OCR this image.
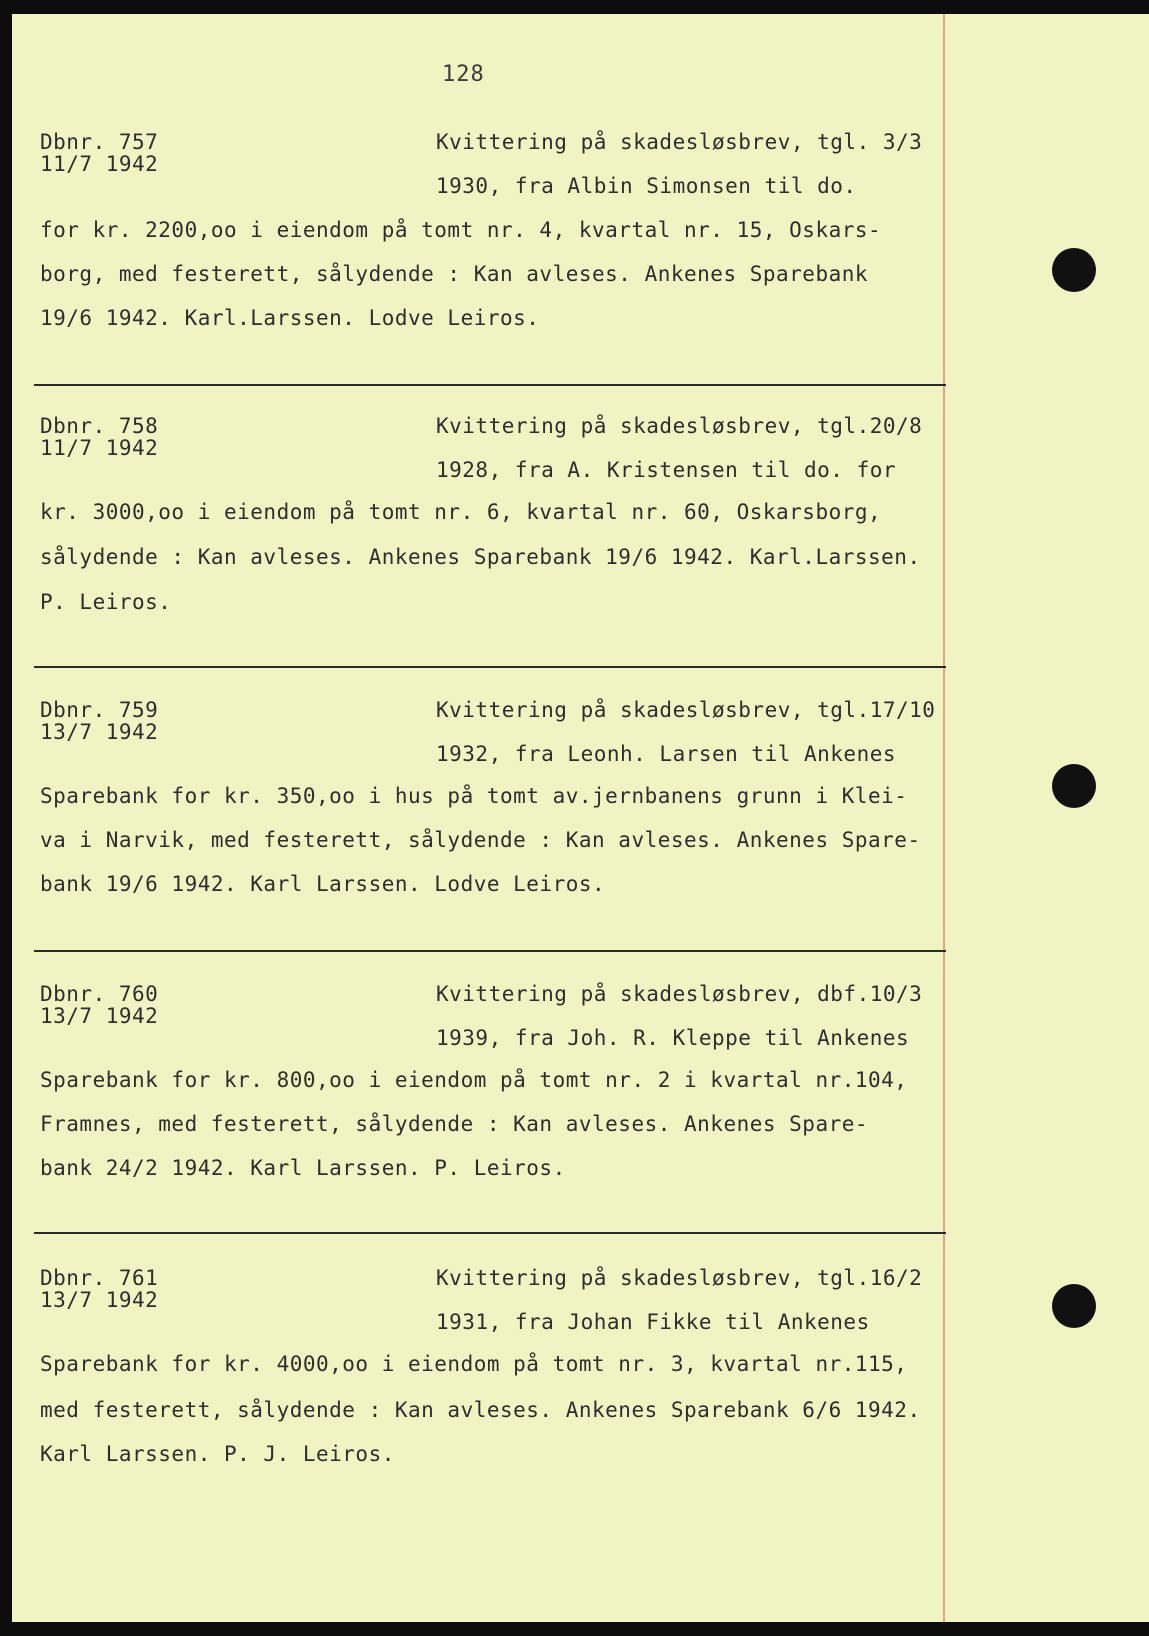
128
Dbnr. 757
11/7 1942
Kvittering på skadesløsbrev, tgl. 3/3
1930, fra Albin Simonsen til do.
for kr. 2200,oo i eiendom på tomt nr. 4, kvartal nr. 15, Oskars-
borg, med festerett, sålydende : Kan avleses. Ankenes Sparebank
19/6 1942. Karl.Larssen. Lodve Leiros.
Dbnr. 758
11/7 1942
Kvittering på skadesløsbrev, tgl.20/8
1928, fra A. Kristensen til do. for
kr. 3000,oo i eiendom på tomt nr. 6, kvartal nr. 60, Oskarsborg,
sålydende : Kan avleses. Ankenes Sparebank 19/6 1942. Karl.Larssen.
P. Leiros.
Dbnr. 759
13/7 1942
Kvittering på skadesløsbrev, tgl.17/10
1932, fra Leonh. Larsen til Ankenes
Sparebank for kr. 350,oo i hus på tomt av.jernbanens grunn i Klei-
va i Narvik, med festerett, sålydende : Kan avleses. Ankenes Spare-
bank 19/6 1942. Karl Larssen. Lodve Leiros.
Dbnr. 760
13/7 1942
Kvittering på skadesløsbrev, dbf.10/3
1939, fra Joh. R. Kleppe til Ankenes
Sparebank for kr. 800,oo i eiendom på tomt nr. 2 i kvartal nr.104,
Framnes, med festerett, sålydende : Kan avleses. Ankenes Spare-
bank 24/2 1942. Karl Larssen. P. Leiros.
Dbnr. 761
13/7 1942
Kvittering på skadesløsbrev, tgl.16/2
1931, fra Johan Fikke til Ankenes
Sparebank for kr. 4000,oo i eiendom på tomt nr. 3, kvartal nr.115,
med festerett, sålydende : Kan avleses. Ankenes Sparebank 6/6 1942.
Karl Larssen. P. J. Leiros.
